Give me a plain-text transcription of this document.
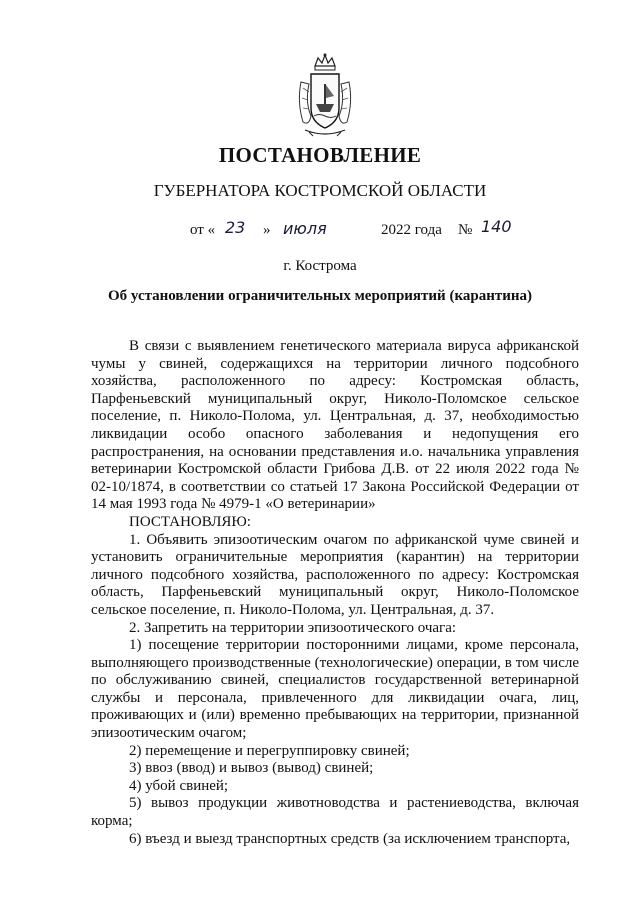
ПОСТАНОВЛЕНИЕ
ГУБЕРНАТОРА КОСТРОМСКОЙ ОБЛАСТИ
от « 23 » июля	2022 года № 140
г. Кострома
Об установлении ограничительных мероприятий (карантина)

В связи с выявлением генетического материала вируса африканской чумы у свиней, содержащихся на территории личного подсобного хозяйства, расположенного по адресу: Костромская область, Парфеньевский муниципальный округ, Николо-Поломское сельское поселение, п. Николо-Полома, ул. Центральная, д. 37, необходимостью ликвидации особо опасного заболевания и недопущения его распространения, на основании представления и.о. начальника управления ветеринарии Костромской области Грибова Д.В. от 22 июля 2022 года № 02-10/1874, в соответствии со статьей 17 Закона Российской Федерации от 14 мая 1993 года № 4979-1 «О ветеринарии»

ПОСТАНОВЛЯЮ:

1. Объявить эпизоотическим очагом по африканской чуме свиней и установить ограничительные мероприятия (карантин) на территории личного подсобного хозяйства, расположенного по адресу: Костромская область, Парфеньевский муниципальный округ, Николо-Поломское сельское поселение, п. Николо-Полома, ул. Центральная, д. 37.

2. Запретить на территории эпизоотического очага:

1) посещение территории посторонними лицами, кроме персонала, выполняющего производственные (технологические) операции, в том числе по обслуживанию свиней, специалистов государственной ветеринарной службы и персонала, привлеченного для ликвидации очага, лиц, проживающих и (или) временно пребывающих на территории, признанной эпизоотическим очагом;

2) перемещение и перегруппировку свиней;

3) ввоз (ввод) и вывоз (вывод) свиней;

4) убой свиней;

5) вывоз продукции животноводства и растениеводства, включая корма;

6) въезд и выезд транспортных средств (за исключением транспорта,
